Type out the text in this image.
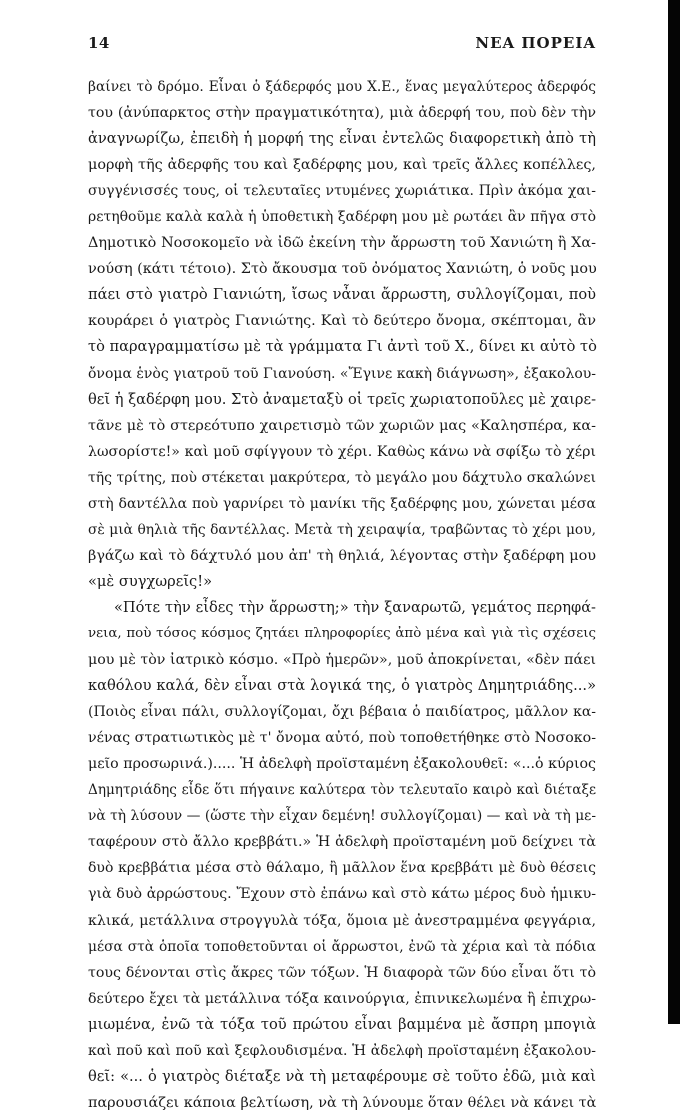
14	ΝΕΑ ΠΟΡΕΙΑ
βαίνει τὸ δρόμο. Εἶναι ὁ ξάδερφός μου Χ.Ε., ἕνας μεγαλύτερος ἀδερφός
του (ἀνύπαρκτος στὴν πραγματικότητα), μιὰ ἀδερφή του, ποὺ δὲν τὴν
ἀναγνωρίζω, ἐπειδὴ ἡ μορφή της εἶναι ἐντελῶς διαφορετικὴ ἀπὸ τὴ
μορφὴ τῆς ἀδερφῆς του καὶ ξαδέρφης μου, καὶ τρεῖς ἄλλες κοπέλλες,
συγγένισσές τους, οἱ τελευταῖες ντυμένες χωριάτικα. Πρὶν ἀκόμα χαι-
ρετηθοῦμε καλὰ καλὰ ἡ ὑποθετικὴ ξαδέρφη μου μὲ ρωτάει ἂν πῆγα στὸ
Δημοτικὸ Νοσοκομεῖο νὰ ἰδῶ ἐκείνη τὴν ἄρρωστη τοῦ Χανιώτη ἢ Χα-
νούση (κάτι τέτοιο). Στὸ ἄκουσμα τοῦ ὀνόματος Χανιώτη, ὁ νοῦς μου
πάει στὸ γιατρὸ Γιανιώτη, ἴσως νἆναι ἄρρωστη, συλλογίζομαι, ποὺ
κουράρει ὁ γιατρὸς Γιανιώτης. Καὶ τὸ δεύτερο ὄνομα, σκέπτομαι, ἂν
τὸ παραγραμματίσω μὲ τὰ γράμματα Γι ἀντὶ τοῦ Χ., δίνει κι αὐτὸ τὸ
ὄνομα ἑνὸς γιατροῦ τοῦ Γιανούση. «Ἔγινε κακὴ διάγνωση», ἐξακολου-
θεῖ ἡ ξαδέρφη μου. Στὸ ἀναμεταξὺ οἱ τρεῖς χωριατοποῦλες μὲ χαιρε-
τᾶνε μὲ τὸ στερεότυπο χαιρετισμὸ τῶν χωριῶν μας «Καλησπέρα, κα-
λωσορίστε!» καὶ μοῦ σφίγγουν τὸ χέρι. Καθὼς κάνω νὰ σφίξω τὸ χέρι
τῆς τρίτης, ποὺ στέκεται μακρύτερα, τὸ μεγάλο μου δάχτυλο σκαλώνει
στὴ δαντέλλα ποὺ γαρνίρει τὸ μανίκι τῆς ξαδέρφης μου, χώνεται μέσα
σὲ μιὰ θηλιὰ τῆς δαντέλλας. Μετὰ τὴ χειραψία, τραβῶντας τὸ χέρι μου,
βγάζω καὶ τὸ δάχτυλό μου ἀπ' τὴ θηλιά, λέγοντας στὴν ξαδέρφη μου
«μὲ συγχωρεῖς!»
«Πότε τὴν εἶδες τὴν ἄρρωστη;» τὴν ξαναρωτῶ, γεμάτος περηφά-
νεια, ποὺ τόσος κόσμος ζητάει πληροφορίες ἀπὸ μένα καὶ γιὰ τὶς σχέσεις
μου μὲ τὸν ἰατρικὸ κόσμο. «Πρὸ ἡμερῶν», μοῦ ἀποκρίνεται, «δὲν πάει
καθόλου καλά, δὲν εἶναι στὰ λογικά της, ὁ γιατρὸς Δημητριάδης...»
(Ποιὸς εἶναι πάλι, συλλογίζομαι, ὄχι βέβαια ὁ παιδίατρος, μᾶλλον κα-
νένας στρατιωτικὸς μὲ τ' ὄνομα αὐτό, ποὺ τοποθετήθηκε στὸ Νοσοκο-
μεῖο προσωρινά.)..... Ἡ ἀδελφὴ προϊσταμένη ἐξακολουθεῖ: «...ὁ κύριος
Δημητριάδης εἶδε ὅτι πήγαινε καλύτερα τὸν τελευταῖο καιρὸ καὶ διέταξε
νὰ τὴ λύσουν — (ὥστε τὴν εἶχαν δεμένη! συλλογίζομαι) — καὶ νὰ τὴ με-
ταφέρουν στὸ ἄλλο κρεββάτι.» Ἡ ἀδελφὴ προϊσταμένη μοῦ δείχνει τὰ
δυὸ κρεββάτια μέσα στὸ θάλαμο, ἢ μᾶλλον ἕνα κρεββάτι μὲ δυὸ θέσεις
γιὰ δυὸ ἀρρώστους. Ἔχουν στὸ ἐπάνω καὶ στὸ κάτω μέρος δυὸ ἡμικυ-
κλικά, μετάλλινα στρογγυλὰ τόξα, ὅμοια μὲ ἀνεστραμμένα φεγγάρια,
μέσα στὰ ὁποῖα τοποθετοῦνται οἱ ἄρρωστοι, ἐνῶ τὰ χέρια καὶ τὰ πόδια
τους δένονται στὶς ἄκρες τῶν τόξων. Ἡ διαφορὰ τῶν δύο εἶναι ὅτι τὸ
δεύτερο ἔχει τὰ μετάλλινα τόξα καινούργια, ἐπινικελωμένα ἢ ἐπιχρω-
μιωμένα, ἐνῶ τὰ τόξα τοῦ πρώτου εἶναι βαμμένα μὲ ἄσπρη μπογιὰ
καὶ ποῦ καὶ ποῦ καὶ ξεφλουδισμένα. Ἡ ἀδελφὴ προϊσταμένη ἐξακολου-
θεῖ: «... ὁ γιατρὸς διέταξε νὰ τὴ μεταφέρουμε σὲ τοῦτο ἐδῶ, μιὰ καὶ
παρουσιάζει κάποια βελτίωση, νὰ τὴ λύνουμε ὅταν θέλει νὰ κάνει τὰ
